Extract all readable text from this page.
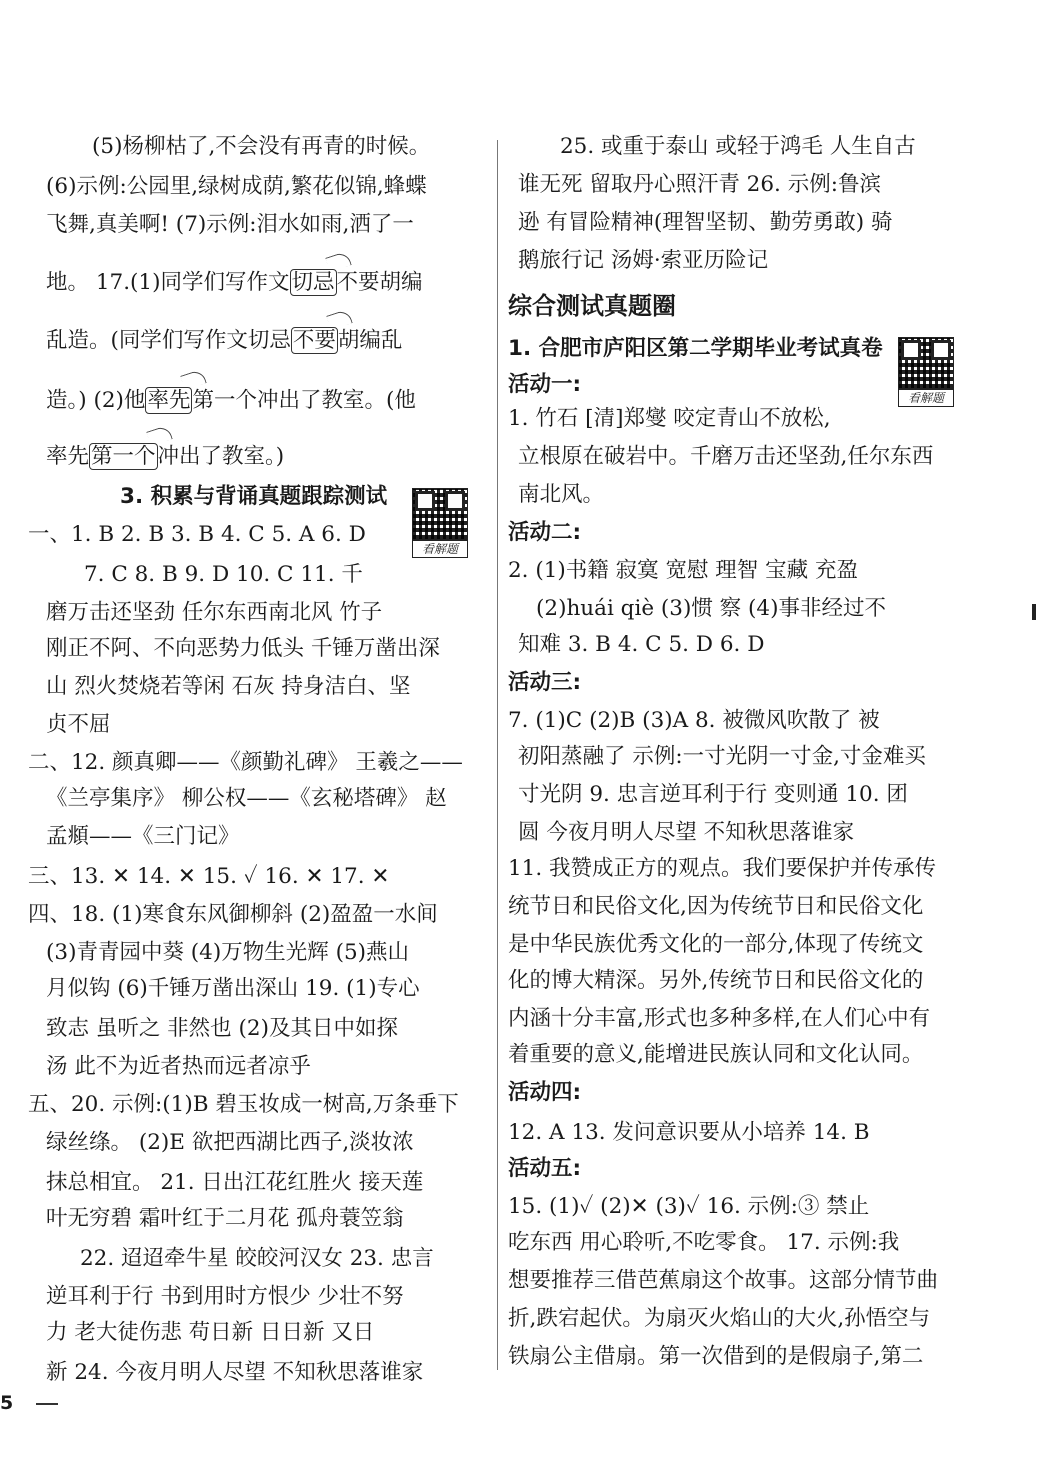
(5)杨柳枯了,不会没有再青的时候。
(6)示例:公园里,绿树成荫,繁花似锦,蜂蝶
飞舞,真美啊! (7)示例:泪水如雨,洒了一
地。 17.(1)同学们写作文切忌不要胡编
乱造。(同学们写作文切忌不要胡编乱
造。) (2)他率先第一个冲出了教室。(他
率先第一个冲出了教室。)
3. 积累与背诵真题跟踪测试
一、1. B 2. B 3. B 4. C 5. A 6. D
7. C 8. B 9. D 10. C 11. 千
磨万击还坚劲 任尔东西南北风 竹子
刚正不阿、不向恶势力低头 千锤万凿出深
山 烈火焚烧若等闲 石灰 持身洁白、坚
贞不屈
二、12. 颜真卿——《颜勤礼碑》 王羲之——
《兰亭集序》 柳公权——《玄秘塔碑》 赵
孟頫——《三门记》
三、13. ✕ 14. ✕ 15. ✓ 16. ✕ 17. ✕
四、18. (1)寒食东风御柳斜 (2)盈盈一水间
(3)青青园中葵 (4)万物生光辉 (5)燕山
月似钩 (6)千锤万凿出深山 19. (1)专心
致志 虽听之 非然也 (2)及其日中如探
汤 此不为近者热而远者凉乎
五、20. 示例:(1)B 碧玉妆成一树高,万条垂下
绿丝绦。 (2)E 欲把西湖比西子,淡妆浓
抹总相宜。 21. 日出江花红胜火 接天莲
叶无穷碧 霜叶红于二月花 孤舟蓑笠翁
22. 迢迢牵牛星 皎皎河汉女 23. 忠言
逆耳利于行 书到用时方恨少 少壮不努
力 老大徒伤悲 苟日新 日日新 又日
新 24. 今夜月明人尽望 不知秋思落谁家
25. 或重于泰山 或轻于鸿毛 人生自古
谁无死 留取丹心照汗青 26. 示例:鲁滨
逊 有冒险精神(理智坚韧、勤劳勇敢) 骑
鹅旅行记 汤姆·索亚历险记
综合测试真题圈
1. 合肥市庐阳区第二学期毕业考试真卷
活动一:
1. 竹石 [清]郑燮 咬定青山不放松,
立根原在破岩中。千磨万击还坚劲,任尔东西
南北风。
活动二:
2. (1)书籍 寂寞 宽慰 理智 宝藏 充盈
(2)huái qiè (3)惯 察 (4)事非经过不
知难 3. B 4. C 5. D 6. D
活动三:
7. (1)C (2)B (3)A 8. 被微风吹散了 被
初阳蒸融了 示例:一寸光阴一寸金,寸金难买
寸光阴 9. 忠言逆耳利于行 变则通 10. 团
圆 今夜月明人尽望 不知秋思落谁家
11. 我赞成正方的观点。我们要保护并传承传
统节日和民俗文化,因为传统节日和民俗文化
是中华民族优秀文化的一部分,体现了传统文
化的博大精深。另外,传统节日和民俗文化的
内涵十分丰富,形式也多种多样,在人们心中有
着重要的意义,能增进民族认同和文化认同。
活动四:
12. A 13. 发问意识要从小培养 14. B
活动五:
15. (1)✓ (2)✕ (3)✓ 16. 示例:③ 禁止
吃东西 用心聆听,不吃零食。 17. 示例:我
想要推荐三借芭蕉扇这个故事。这部分情节曲
折,跌宕起伏。为扇灭火焰山的大火,孙悟空与
铁扇公主借扇。第一次借到的是假扇子,第二
看解题
看解题
5
